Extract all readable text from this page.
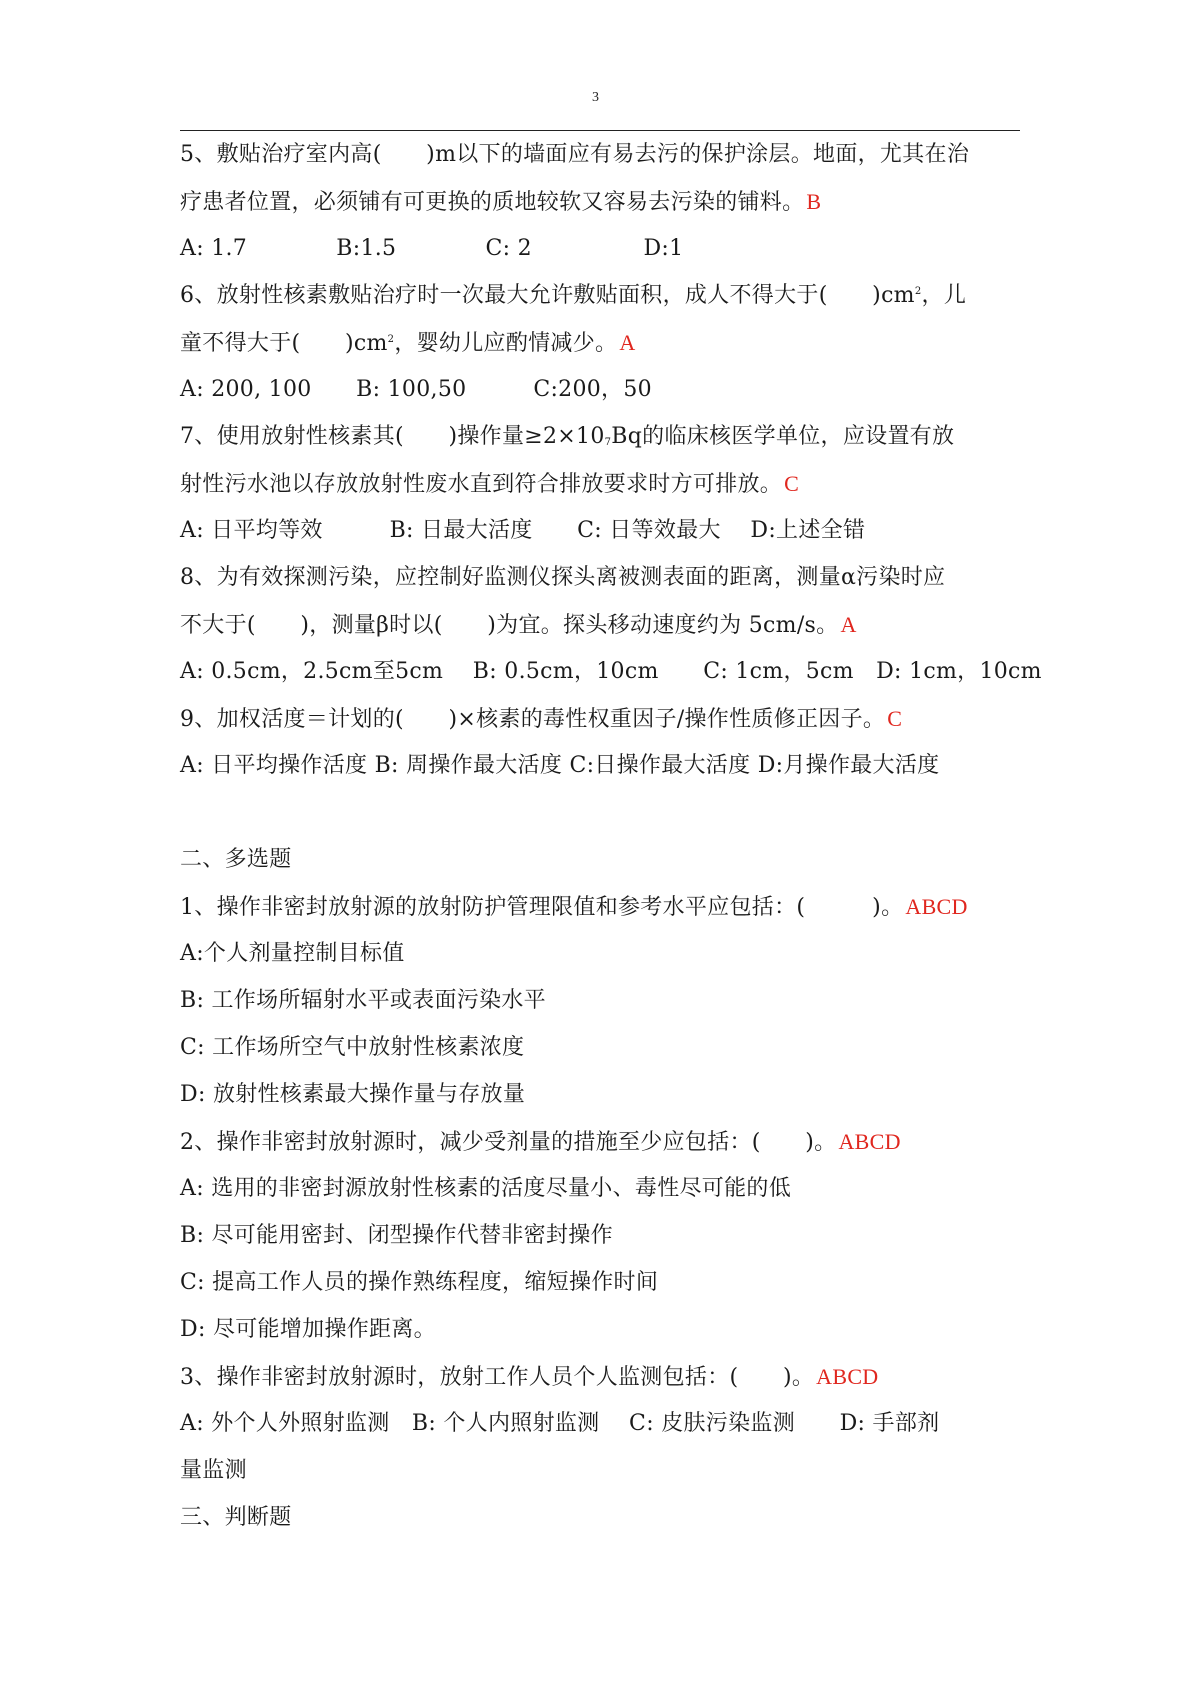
3
5、敷贴治疗室内高(　　)m以下的墙面应有易去污的保护涂层。地面，尤其在治
疗患者位置，必须铺有可更换的质地较软又容易去污染的铺料。B
A: 1.7　　　　B:1.5　　　　C: 2　　　　　D:1
6、放射性核素敷贴治疗时一次最大允许敷贴面积，成人不得大于(　　)$cm^2$，儿
童不得大于(　　)$cm^2$，婴幼儿应酌情减少。A
A: 200, 100　　B: 100,50　　　C:200，50
7、使用放射性核素其(　　)操作量$\ge 2\times 10_7Bq$的临床核医学单位，应设置有放
射性污水池以存放放射性废水直到符合排放要求时方可排放。C
A: 日平均等效　　　B: 日最大活度　　C: 日等效最大　 D:上述全错
8、为有效探测污染，应控制好监测仪探头离被测表面的距离，测量α污染时应
不大于(　　)，测量β时以(　　)为宜。探头移动速度约为 5cm/s。A
A: 0.5cm，2.5cm至5cm　 B: 0.5cm，10cm　　C: 1cm，5cm　D: 1cm，10cm
9、加权活度＝计划的(　　)×核素的毒性权重因子/操作性质修正因子。C
A: 日平均操作活度 B: 周操作最大活度 C:日操作最大活度 D:月操作最大活度
二、多选题
1、操作非密封放射源的放射防护管理限值和参考水平应包括：(　　　)。ABCD
A:个人剂量控制目标值
B: 工作场所辐射水平或表面污染水平
C: 工作场所空气中放射性核素浓度
D: 放射性核素最大操作量与存放量
2、操作非密封放射源时，减少受剂量的措施至少应包括：(　　)。ABCD
A: 选用的非密封源放射性核素的活度尽量小、毒性尽可能的低
B: 尽可能用密封、闭型操作代替非密封操作
C: 提高工作人员的操作熟练程度，缩短操作时间
D: 尽可能增加操作距离。
3、操作非密封放射源时，放射工作人员个人监测包括：(　　)。ABCD
A: 外个人外照射监测　B: 个人内照射监测　 C: 皮肤污染监测　　D: 手部剂
量监测
三、判断题
